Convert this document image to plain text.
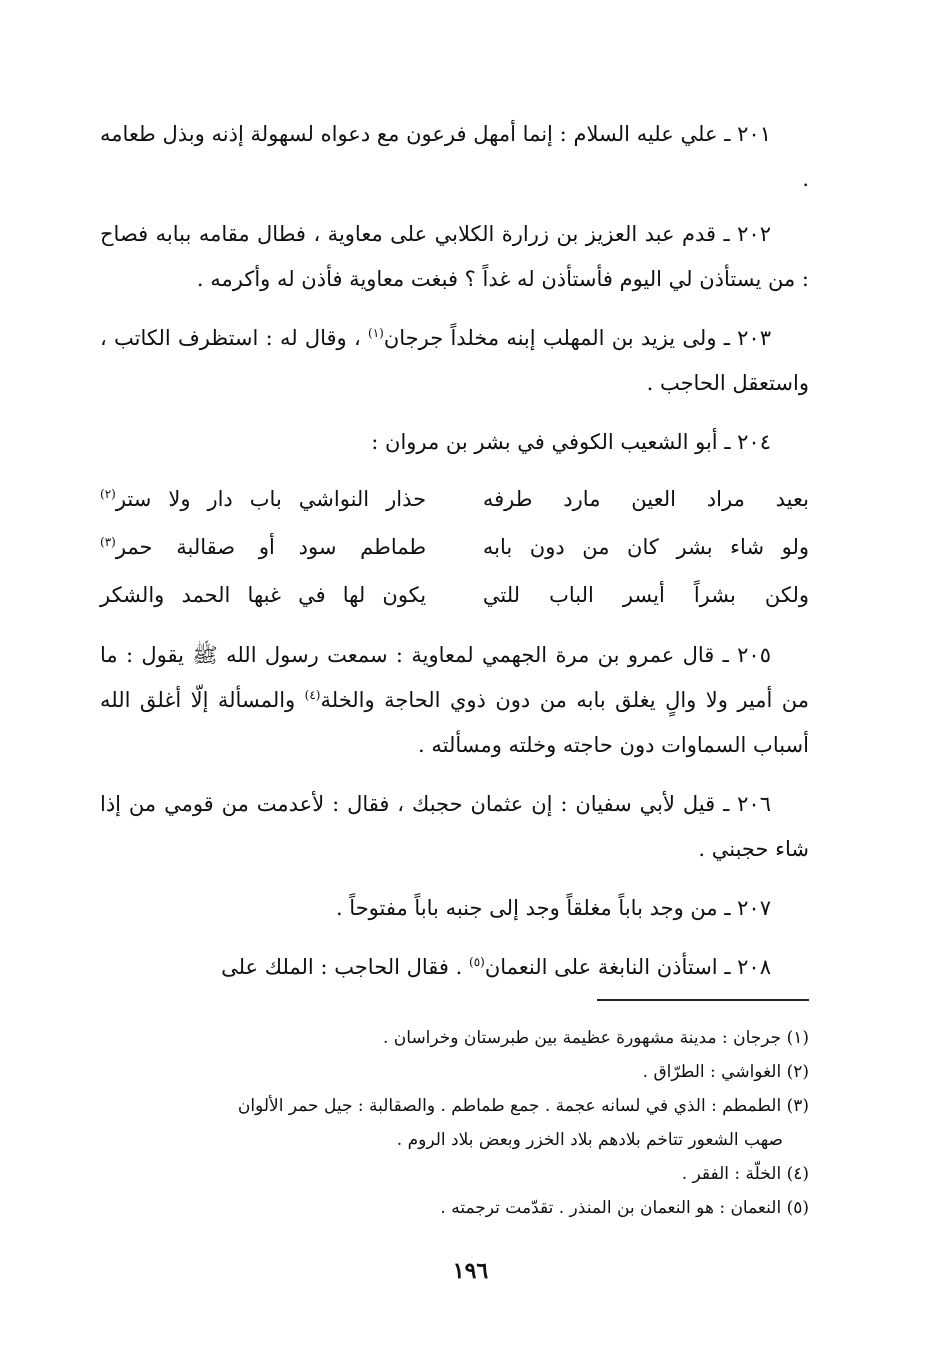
٢٠١ ـ علي عليه السلام : إنما أمهل فرعون مع دعواه لسهولة إذنه وبذل طعامه .

٢٠٢ ـ قدم عبد العزيز بن زرارة الكلابي على معاوية ، فطال مقامه ببابه فصاح : من يستأذن لي اليوم فأستأذن له غداً ؟ فبغت معاوية فأذن له وأكرمه .

٢٠٣ ـ ولى يزيد بن المهلب إبنه مخلداً جرجان$^{(١)}$ ، وقال له : استظرف الكاتب ، واستعقل الحاجب .

٢٠٤ ـ أبو الشعيب الكوفي في بشر بن مروان :

بعيد مراد العين مارد طرفه
حذار النواشي باب دار ولا ستر$^{(٢)}$
ولو شاء بشر كان من دون بابه
طماطم سود أو صقالبة حمر$^{(٣)}$
ولكن بشراً أيسر الباب للتي
يكون لها في غبها الحمد والشكر

٢٠٥ ـ قال عمرو بن مرة الجهمي لمعاوية : سمعت رسول الله ﷺ يقول : ما من أمير ولا والٍ يغلق بابه من دون ذوي الحاجة والخلة$^{(٤)}$ والمسألة إلّا أغلق الله أسباب السماوات دون حاجته وخلته ومسألته .

٢٠٦ ـ قيل لأبي سفيان : إن عثمان حجبك ، فقال : لأعدمت من قومي من إذا شاء حجبني .

٢٠٧ ـ من وجد باباً مغلقاً وجد إلى جنبه باباً مفتوحاً .

٢٠٨ ـ استأذن النابغة على النعمان$^{(٥)}$ . فقال الحاجب : الملك على

(١) جرجان : مدينة مشهورة عظيمة بين طبرستان وخراسان .

(٢) الغواشي : الطرّاق .

(٣) الطمطم : الذي في لسانه عجمة . جمع طماطم . والصقالبة : جيل حمر الألوان

صهب الشعور تتاخم بلادهم بلاد الخزر وبعض بلاد الروم .

(٤) الخلّة : الفقر .

(٥) النعمان : هو النعمان بن المنذر . تقدّمت ترجمته .

١٩٦
